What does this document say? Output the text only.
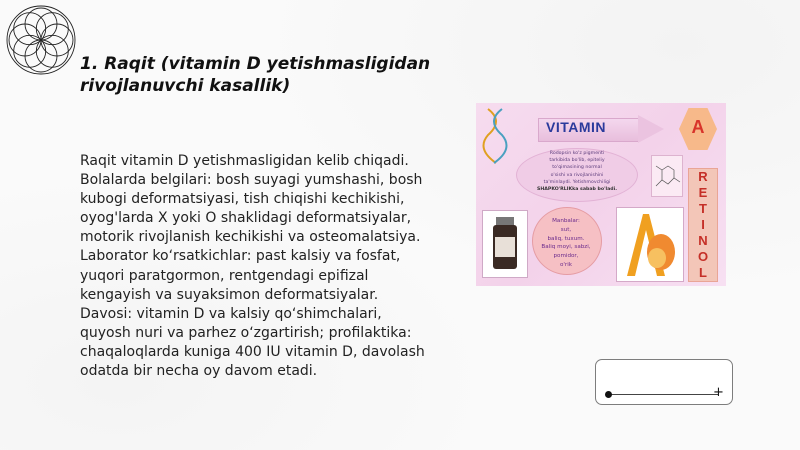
1. Raqit (vitamin D yetishmasligidan rivojlanuvchi kasallik)
Raqit vitamin D yetishmasligidan kelib chiqadi. Bolalarda belgilari: bosh suyagi yumshashi, bosh kubogi deformatsiyasi, tish chiqishi kechikishi, oyog'larda X yoki O shaklidagi deformatsiyalar, motorik rivojlanish kechikishi va osteomalatsiya. Laborator ko‘rsatkichlar: past kalsiy va fosfat, yuqori paratgormon, rentgendagi epifizal kengayish va suyaksimon deformatsiyalar. Davosi: vitamin D va kalsiy qo‘shimchalari, quyosh nuri va parhez o‘zgartirish; profilaktika: chaqaloqlarda kuniga 400 IU vitamin D, davolash odatda bir necha oy davom etadi.
VITAMIN	A
Rodopsin ko'z pigmenti
tarkibida bo'lib, epiteliy
to'qimasining normal
o'sishi va rivojlanishini
ta'minlaydi. Yetishmovchiligi
SHAPKO'RLIKka sabab bo'ladi.
R
E
T
I
N
O
L
Manbalar:
sut,
baliq, tuxum.
Baliq moyi, sabzi,
pomidor,
o'rik
+
